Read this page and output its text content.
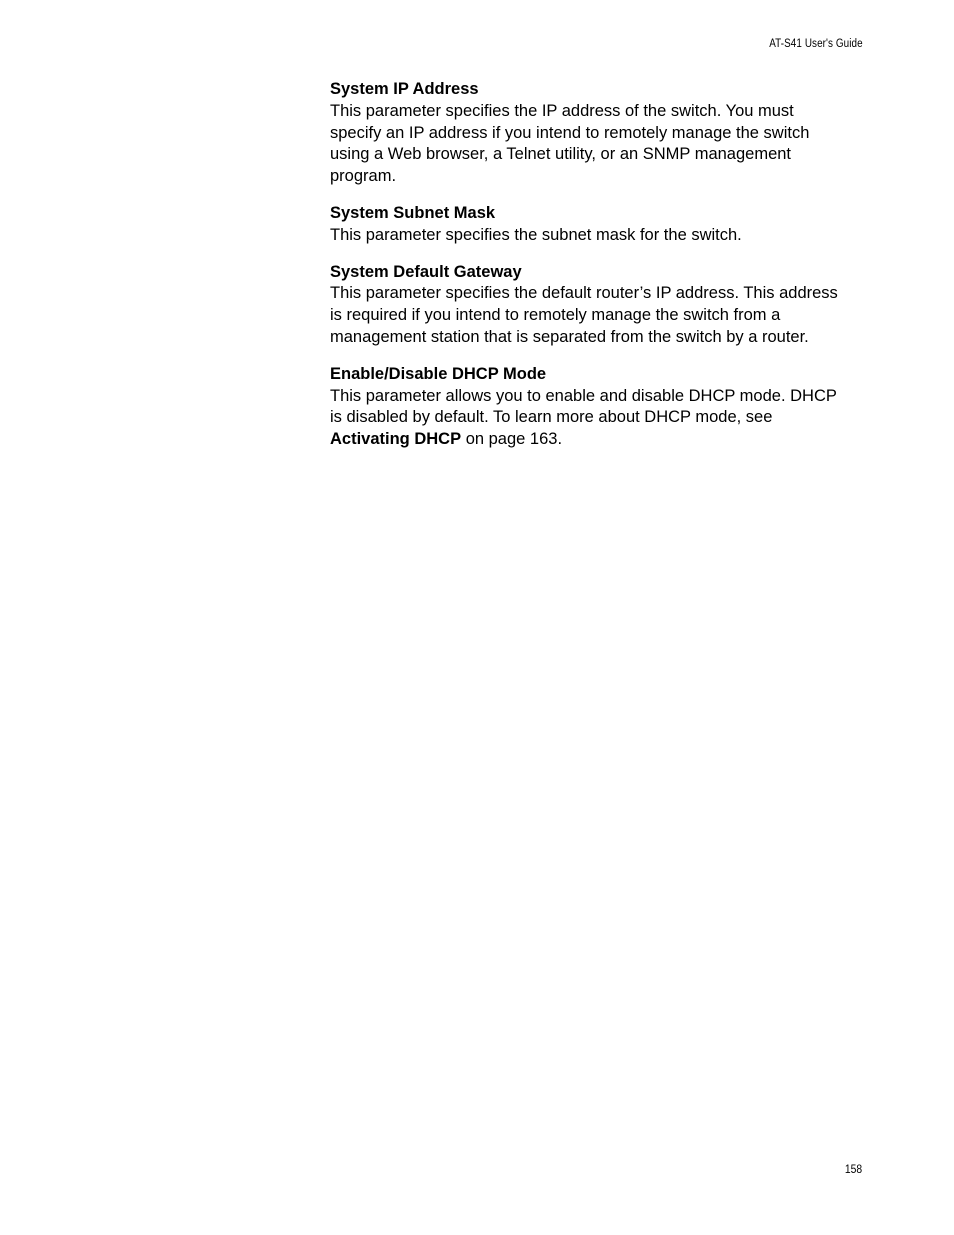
AT-S41 User's Guide

System IP Address

This parameter specifies the IP address of the switch. You must specify an IP address if you intend to remotely manage the switch using a Web browser, a Telnet utility, or an SNMP management program.

System Subnet Mask

This parameter specifies the subnet mask for the switch.

System Default Gateway

This parameter specifies the default router’s IP address. This address is required if you intend to remotely manage the switch from a management station that is separated from the switch by a router.

Enable/Disable DHCP Mode

This parameter allows you to enable and disable DHCP mode. DHCP is disabled by default. To learn more about DHCP mode, see Activating DHCP on page 163.

158
